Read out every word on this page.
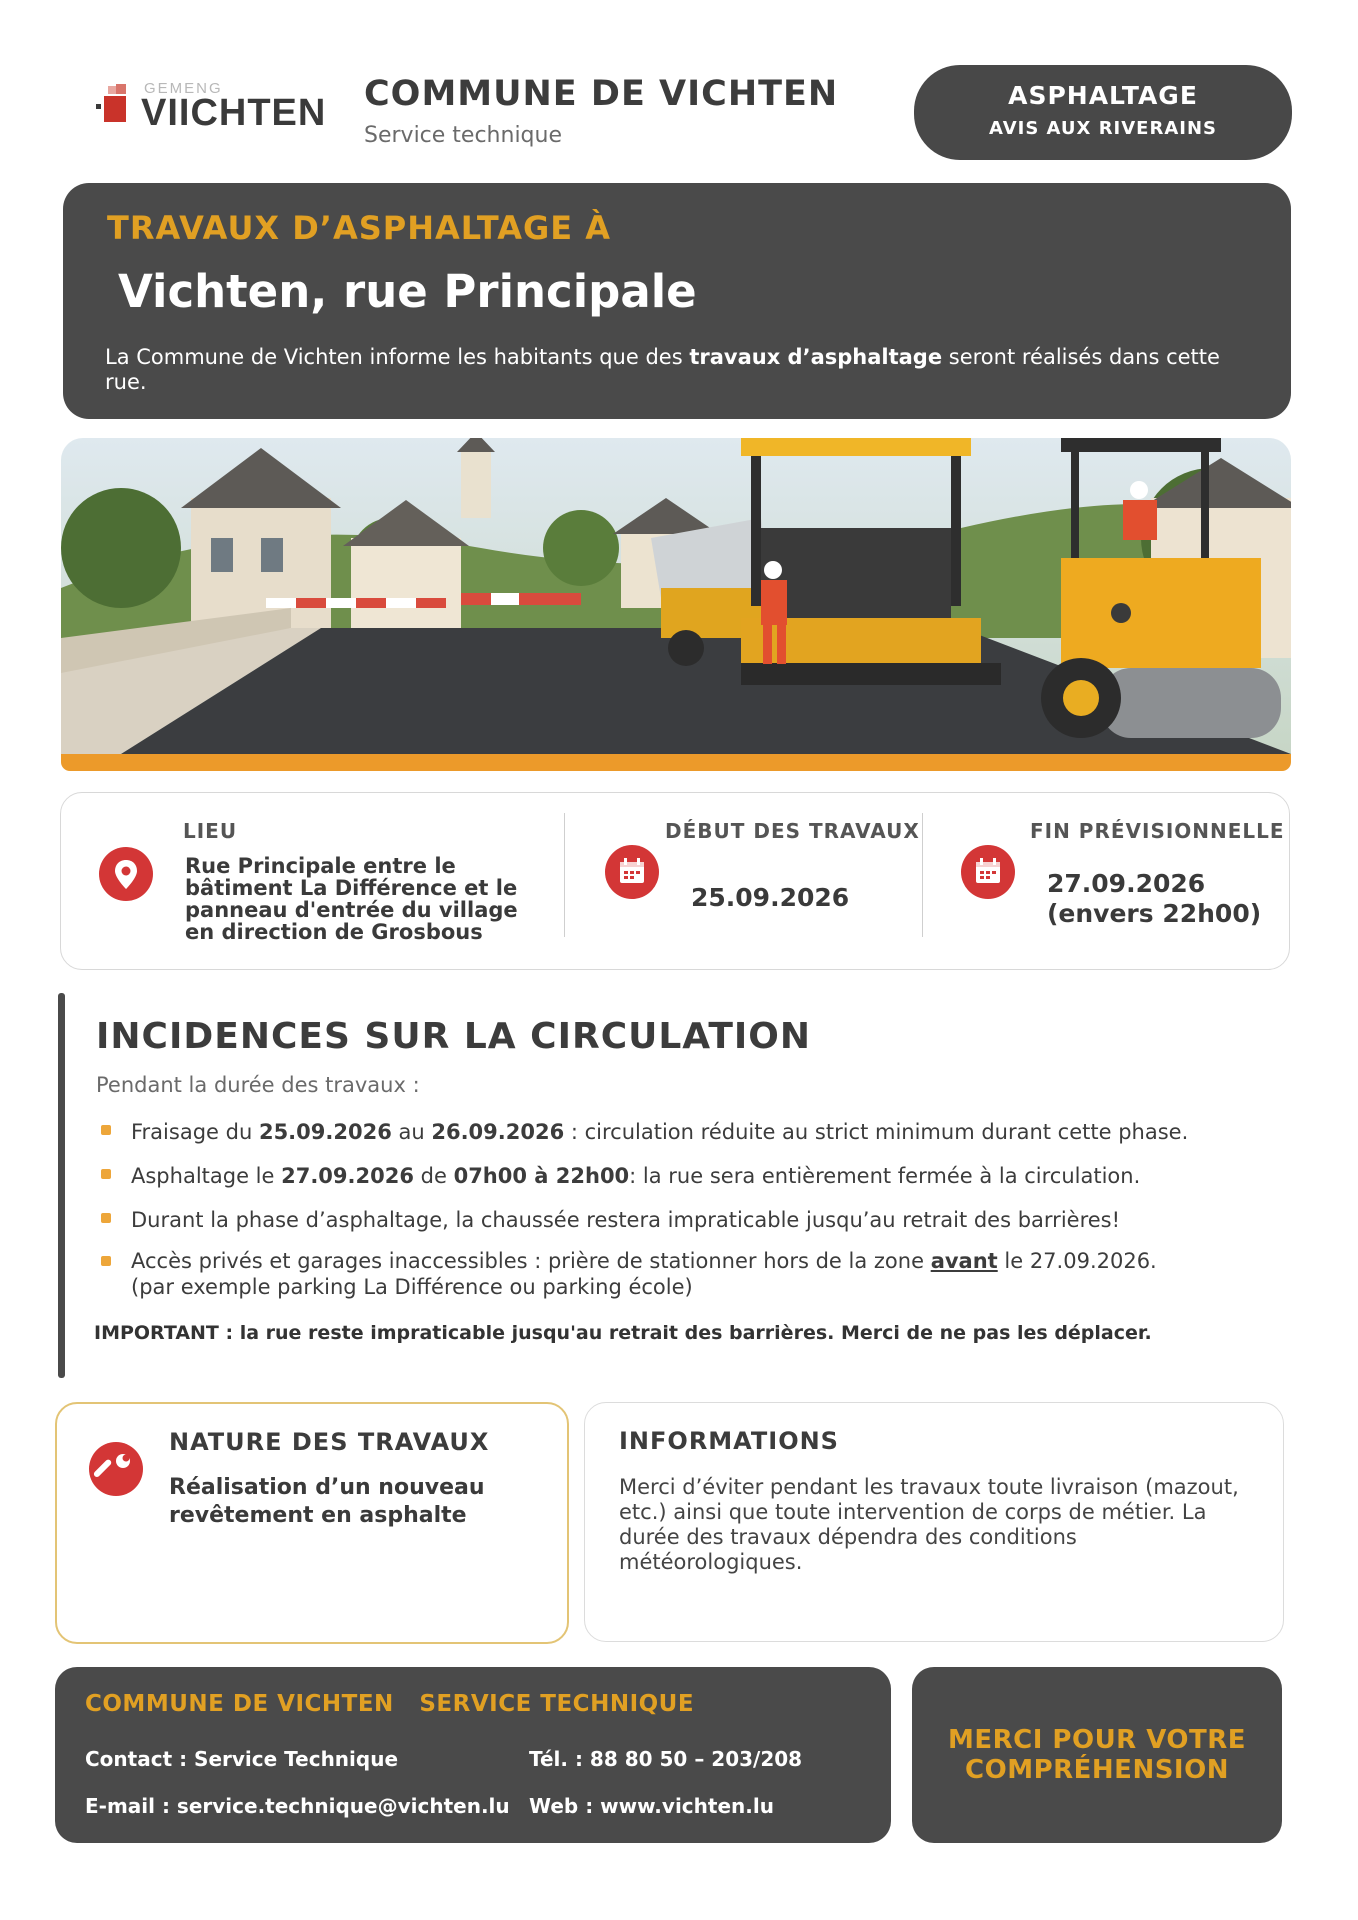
GEMENG
VIICHTEN COMMUNE DE VICHTEN
Service technique
ASPHALTAGE
AVIS AUX RIVERAINS
TRAVAUX D’ASPHALTAGE À
Vichten, rue Principale
La Commune de Vichten informe les habitants que des travaux d’asphaltage seront réalisés dans cette rue.
LIEU
Rue Principale entre le
bâtiment La Différence et le
panneau d'entrée du village
en direction de Grosbous
DÉBUT DES TRAVAUX
25.09.2026
FIN PRÉVISIONNELLE
27.09.2026
(envers 22h00)
INCIDENCES SUR LA CIRCULATION
Pendant la durée des travaux :
Fraisage du 25.09.2026 au 26.09.2026 : circulation réduite au strict minimum durant cette phase.
Asphaltage le 27.09.2026 de 07h00 à 22h00: la rue sera entièrement fermée à la circulation.
Durant la phase d’asphaltage, la chaussée restera impraticable jusqu’au retrait des barrières!
Accès privés et garages inaccessibles : prière de stationner hors de la zone avant le 27.09.2026.
(par exemple parking La Différence ou parking école)
IMPORTANT : la rue reste impraticable jusqu'au retrait des barrières. Merci de ne pas les déplacer.
NATURE DES TRAVAUX
Réalisation d’un nouveau
revêtement en asphalte
INFORMATIONS
Merci d’éviter pendant les travaux toute livraison (mazout, etc.) ainsi que toute intervention de corps de métier. La durée des travaux dépendra des conditions météorologiques.
COMMUNE DE VICHTEN SERVICE TECHNIQUE
Contact : Service Technique	Tél. : 88 80 50 – 203/208
E-mail : service.technique@vichten.lu Web : www.vichten.lu
MERCI POUR VOTRE
COMPRÉHENSION
